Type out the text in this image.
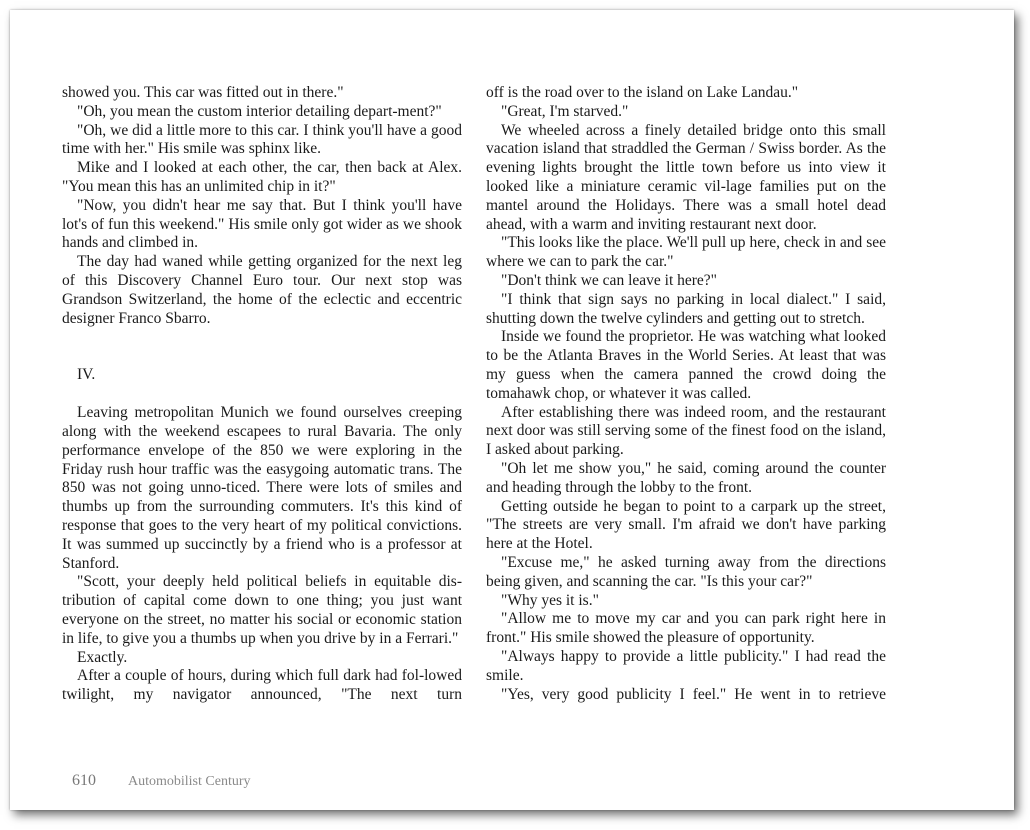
showed you. This car was fitted out in there."

"Oh, you mean the custom interior detailing depart-ment?"

"Oh, we did a little more to this car. I think you'll have a good time with her." His smile was sphinx like.

Mike and I looked at each other, the car, then back at Alex. "You mean this has an unlimited chip in it?"

"Now, you didn't hear me say that. But I think you'll have lot's of fun this weekend." His smile only got wider as we shook hands and climbed in.

The day had waned while getting organized for the next leg of this Discovery Channel Euro tour. Our next stop was Grandson Switzerland, the home of the eclectic and eccentric designer Franco Sbarro.

IV.

Leaving metropolitan Munich we found ourselves creeping along with the weekend escapees to rural Bavaria. The only performance envelope of the 850 we were exploring in the Friday rush hour traffic was the easygoing automatic trans. The 850 was not going unno-ticed. There were lots of smiles and thumbs up from the surrounding commuters. It's this kind of response that goes to the very heart of my political convictions. It was summed up succinctly by a friend who is a professor at Stanford.

"Scott, your deeply held political beliefs in equitable dis-tribution of capital come down to one thing; you just want everyone on the street, no matter his social or economic station in life, to give you a thumbs up when you drive by in a Ferrari."

Exactly.

After a couple of hours, during which full dark had fol-lowed twilight, my navigator announced, "The next turn

off is the road over to the island on Lake Landau."

"Great, I'm starved."

We wheeled across a finely detailed bridge onto this small vacation island that straddled the German / Swiss border. As the evening lights brought the little town before us into view it looked like a miniature ceramic vil-lage families put on the mantel around the Holidays. There was a small hotel dead ahead, with a warm and inviting restaurant next door.

"This looks like the place. We'll pull up here, check in and see where we can to park the car."

"Don't think we can leave it here?"

"I think that sign says no parking in local dialect." I said, shutting down the twelve cylinders and getting out to stretch.

Inside we found the proprietor. He was watching what looked to be the Atlanta Braves in the World Series. At least that was my guess when the camera panned the crowd doing the tomahawk chop, or whatever it was called.

After establishing there was indeed room, and the restaurant next door was still serving some of the finest food on the island, I asked about parking.

"Oh let me show you," he said, coming around the counter and heading through the lobby to the front.

Getting outside he began to point to a carpark up the street, "The streets are very small. I'm afraid we don't have parking here at the Hotel.

"Excuse me," he asked turning away from the directions being given, and scanning the car. "Is this your car?"

"Why yes it is."

"Allow me to move my car and you can park right here in front." His smile showed the pleasure of opportunity.

"Always happy to provide a little publicity." I had read the smile.

"Yes, very good publicity I feel." He went in to retrieve

610 Automobilist Century
